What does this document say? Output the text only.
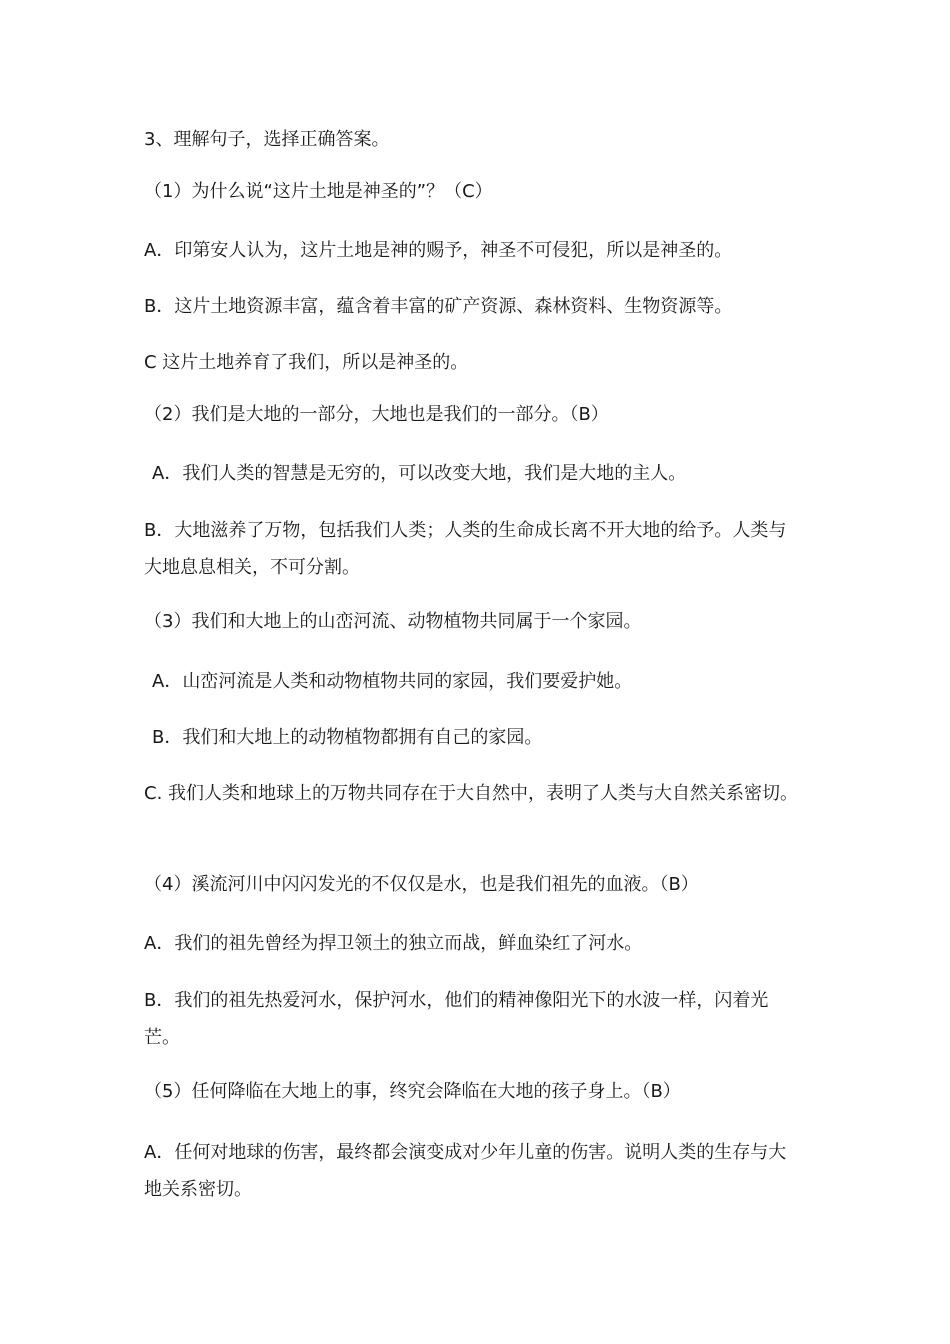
3、理解句子，选择正确答案。
（1）为什么说“这片土地是神圣的”？（C）
A．印第安人认为，这片土地是神的赐予，神圣不可侵犯，所以是神圣的。
B．这片土地资源丰富，蕴含着丰富的矿产资源、森林资料、生物资源等。
C 这片土地养育了我们，所以是神圣的。
（2）我们是大地的一部分，大地也是我们的一部分。（B）
A．我们人类的智慧是无穷的，可以改变大地，我们是大地的主人。
B．大地滋养了万物，包括我们人类；人类的生命成长离不开大地的给予。人类与大地息息相关，不可分割。
（3）我们和大地上的山峦河流、动物植物共同属于一个家园。
A．山峦河流是人类和动物植物共同的家园，我们要爱护她。
B．我们和大地上的动物植物都拥有自己的家园。
C. 我们人类和地球上的万物共同存在于大自然中，表明了人类与大自然关系密切。
（4）溪流河川中闪闪发光的不仅仅是水，也是我们祖先的血液。（B）
A．我们的祖先曾经为捍卫领土的独立而战，鲜血染红了河水。
B．我们的祖先热爱河水，保护河水，他们的精神像阳光下的水波一样，闪着光芒。
（5）任何降临在大地上的事，终究会降临在大地的孩子身上。（B）
A．任何对地球的伤害，最终都会演变成对少年儿童的伤害。说明人类的生存与大地关系密切。
